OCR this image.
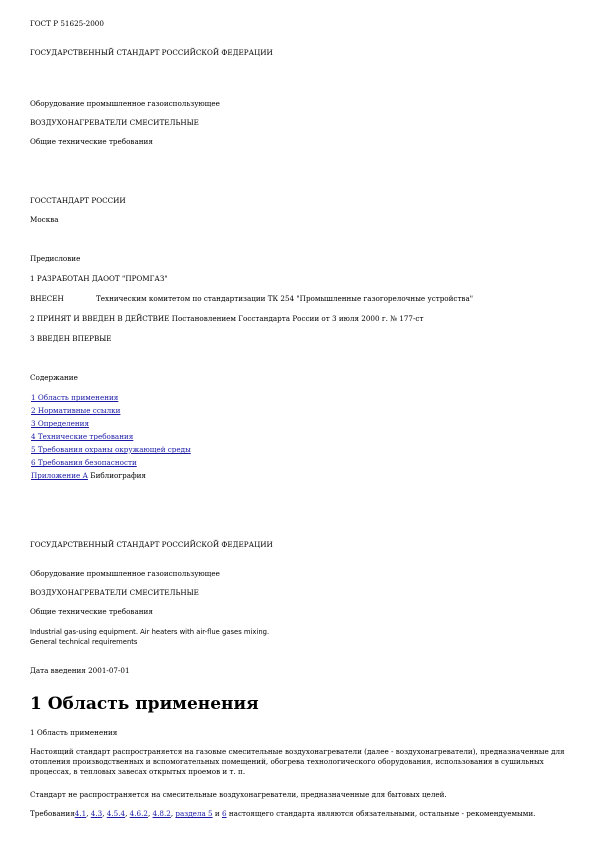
ГОСТ Р 51625-2000
ГОСУДАРСТВЕННЫЙ СТАНДАРТ РОССИЙСКОЙ ФЕДЕРАЦИИ
Оборудование промышленное газоиспользующее
ВОЗДУХОНАГРЕВАТЕЛИ СМЕСИТЕЛЬНЫЕ
Общие технические требования
ГОССТАНДАРТ РОССИИ
Москва
Предисловие
1 РАЗРАБОТАН ДАООТ "ПРОМГАЗ"
ВНЕСЕН	Техническим комитетом по стандартизации ТК 254 "Промышленные газогорелочные устройства"
2 ПРИНЯТ И ВВЕДЕН В ДЕЙСТВИЕ Постановлением Госстандарта России от 3 июля 2000 г. № 177-ст
3 ВВЕДЕН ВПЕРВЫЕ
Содержание
1 Область применения
2 Нормативные ссылки
3 Определения
4 Технические требования
5 Требования охраны окружающей среды
6 Требования безопасности
Приложение А Библиография
ГОСУДАРСТВЕННЫЙ СТАНДАРТ РОССИЙСКОЙ ФЕДЕРАЦИИ
Оборудование промышленное газоиспользующее
ВОЗДУХОНАГРЕВАТЕЛИ СМЕСИТЕЛЬНЫЕ
Общие технические требования
Industrial gas-using equipment. Air heaters with air-flue gases mixing.
General technical requirements
Дата введения 2001-07-01
1 Область применения
1 Область применения
Настоящий стандарт распространяется на газовые смесительные воздухонагреватели (далее - воздухонагреватели), предназначенные для отопления производственных и вспомогательных помещений, обогрева технологического оборудования, использования в сушильных процессах, в тепловых завесах открытых проемов и т. п.
Стандарт не распространяется на смесительные воздухонагреватели, предназначенные для бытовых целей.
Требования4.1, 4.3, 4.5.4, 4.6.2, 4.8.2, раздела 5 и 6 настоящего стандарта являются обязательными, остальные - рекомендуемыми.
